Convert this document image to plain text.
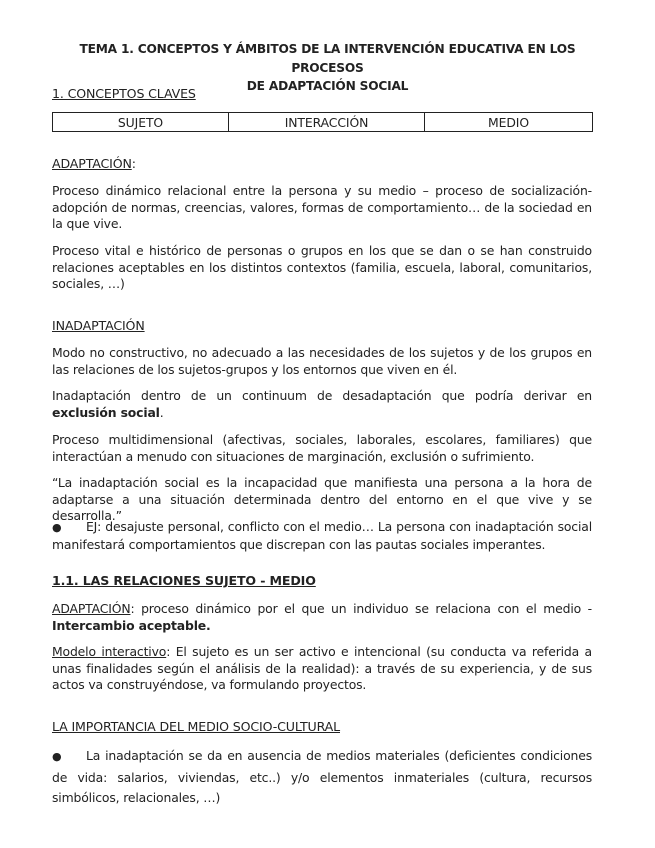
TEMA 1. CONCEPTOS Y ÁMBITOS DE LA INTERVENCIÓN EDUCATIVA EN LOS PROCESOS
DE ADAPTACIÓN SOCIAL
1. CONCEPTOS CLAVES
SUJETO	INTERACCIÓN	MEDIO
ADAPTACIÓN:
Proceso dinámico relacional entre la persona y su medio – proceso de socialización-adopción de normas, creencias, valores, formas de comportamiento… de la sociedad en la que vive.
Proceso vital e histórico de personas o grupos en los que se dan o se han construido relaciones aceptables en los distintos contextos (familia, escuela, laboral, comunitarios, sociales, …)
INADAPTACIÓN
Modo no constructivo, no adecuado a las necesidades de los sujetos y de los grupos en las relaciones de los sujetos-grupos y los entornos que viven en él.
Inadaptación dentro de un continuum de desadaptación que podría derivar en exclusión social.
Proceso multidimensional (afectivas, sociales, laborales, escolares, familiares) que interactúan a menudo con situaciones de marginación, exclusión o sufrimiento.
“La inadaptación social es la incapacidad que manifiesta una persona a la hora de adaptarse a una situación determinada dentro del entorno en el que vive y se desarrolla.”
● EJ: desajuste personal, conflicto con el medio… La persona con inadaptación social manifestará comportamientos que discrepan con las pautas sociales imperantes.
1.1. LAS RELACIONES SUJETO - MEDIO
ADAPTACIÓN: proceso dinámico por el que un individuo se relaciona con el medio - Intercambio aceptable.
Modelo interactivo: El sujeto es un ser activo e intencional (su conducta va referida a unas finalidades según el análisis de la realidad): a través de su experiencia, y de sus actos va construyéndose, va formulando proyectos.
LA IMPORTANCIA DEL MEDIO SOCIO-CULTURAL
● La inadaptación se da en ausencia de medios materiales (deficientes condiciones de vida: salarios, viviendas, etc..) y/o elementos inmateriales (cultura, recursos simbólicos, relacionales, …)
